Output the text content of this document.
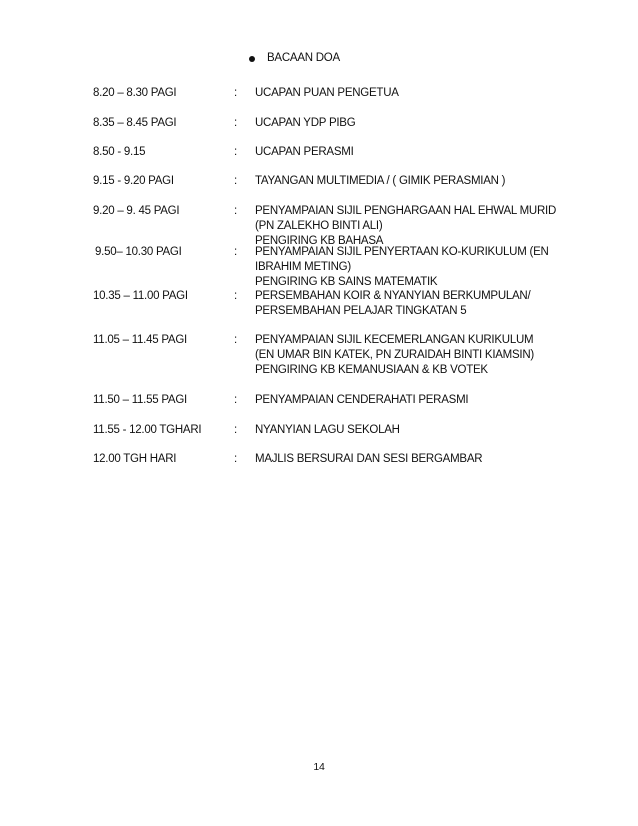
BACAAN DOA
8.20 – 8.30 PAGI	: UCAPAN PUAN PENGETUA
8.35 – 8.45 PAGI	: UCAPAN YDP PIBG
8.50 - 9.15	: UCAPAN PERASMI
9.15 - 9.20 PAGI	: TAYANGAN MULTIMEDIA / ( GIMIK PERASMIAN )
9.20 – 9. 45 PAGI	: PENYAMPAIAN SIJIL PENGHARGAAN HAL EHWAL MURID
(PN ZALEKHO BINTI ALI)
PENGIRING KB BAHASA
9.50– 10.30 PAGI	: PENYAMPAIAN SIJIL PENYERTAAN KO-KURIKULUM (EN
IBRAHIM METING)
PENGIRING KB SAINS MATEMATIK
10.35 – 11.00 PAGI	: PERSEMBAHAN KOIR & NYANYIAN BERKUMPULAN/
PERSEMBAHAN PELAJAR TINGKATAN 5
11.05 – 11.45 PAGI	: PENYAMPAIAN SIJIL KECEMERLANGAN KURIKULUM
(EN UMAR BIN KATEK, PN ZURAIDAH BINTI KIAMSIN)
PENGIRING KB KEMANUSIAAN & KB VOTEK
11.50 – 11.55 PAGI	: PENYAMPAIAN CENDERAHATI PERASMI
11.55 - 12.00 TGHARI	: NYANYIAN LAGU SEKOLAH
12.00 TGH HARI	: MAJLIS BERSURAI DAN SESI BERGAMBAR
14
